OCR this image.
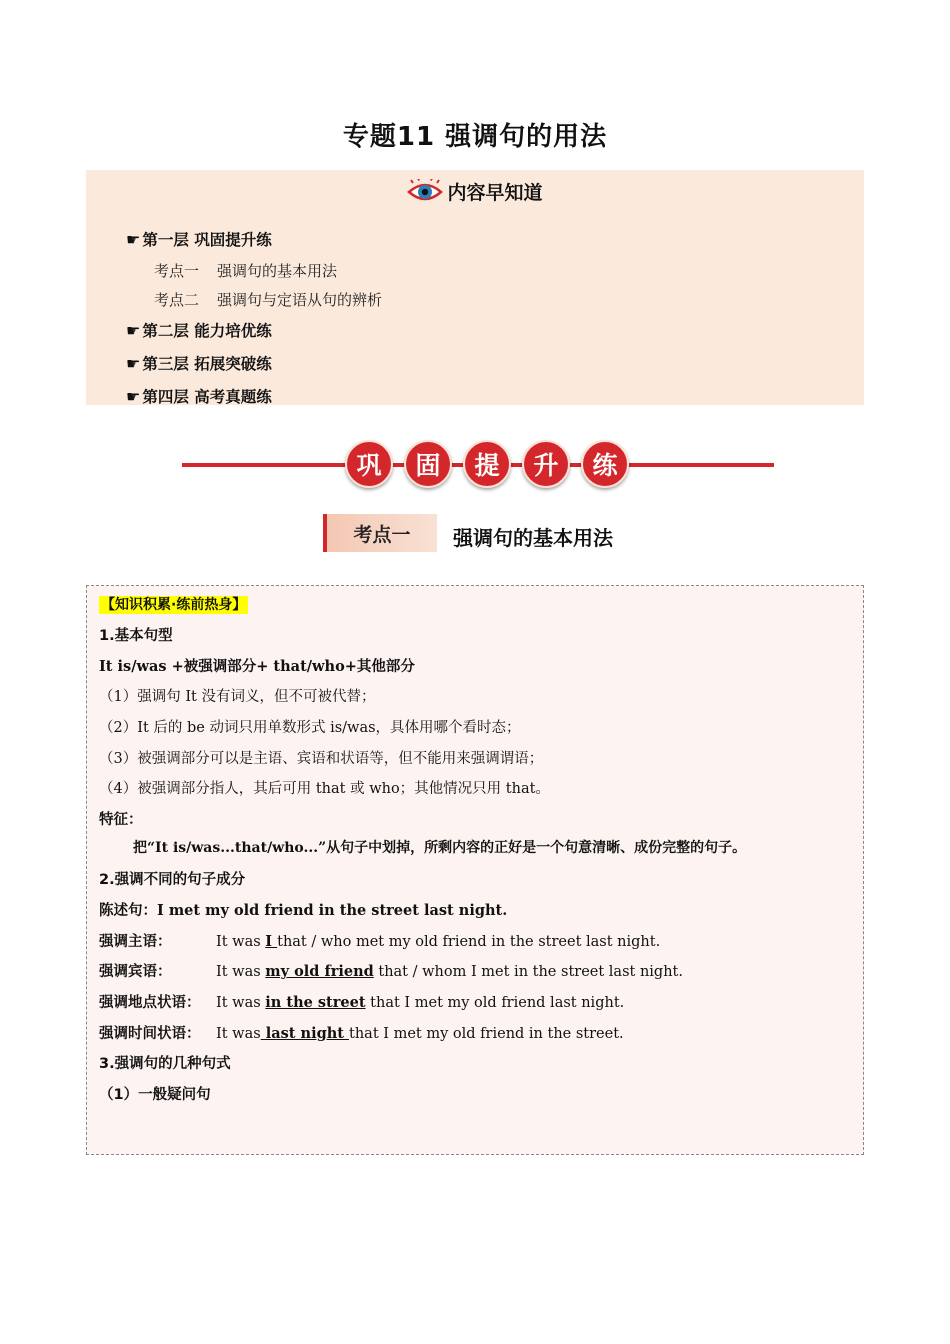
专题11 强调句的用法
内容早知道
☛ 第一层 巩固提升练
考点一 强调句的基本用法
考点二 强调句与定语从句的辨析
☛ 第二层 能力培优练
☛ 第三层 拓展突破练
☛ 第四层 高考真题练
巩	固	提	升	练
考点一	强调句的基本用法
【知识积累·练前热身】
1.基本句型
It is/was +被强调部分+ that/who+其他部分
（1）强调句 It 没有词义，但不可被代替；
（2）It 后的 be 动词只用单数形式 is/was，具体用哪个看时态；
（3）被强调部分可以是主语、宾语和状语等，但不能用来强调谓语；
（4）被强调部分指人，其后可用 that 或 who；其他情况只用 that。
特征：
把“It is/was...that/who...”从句子中划掉，所剩内容的正好是一个句意清晰、成份完整的句子。
2.强调不同的句子成分
陈述句：I met my old friend in the street last night.
强调主语：	It was I that / who met my old friend in the street last night.
强调宾语：	It was my old friend that / whom I met in the street last night.
强调地点状语： It was in the street that I met my old friend last night.
强调时间状语： It was last night that I met my old friend in the street.
3.强调句的几种句式
（1）一般疑问句
